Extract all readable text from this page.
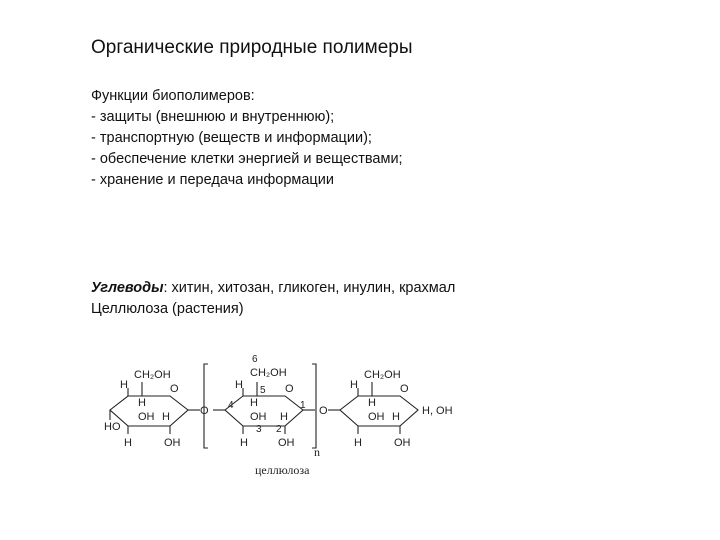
Органические природные полимеры
Функции биополимеров:
- защиты (внешнюю и внутреннюю);
- транспортную (веществ и информации);
- обеспечение клетки энергией и веществами;
- хранение и передача информации
Углеводы: хитин, хитозан, гликоген, инулин, крахмал
Целлюлоза (растения)
CH₂OH
O
H
H
OH H
HO
H	OH
O
6
CH₂OH
O
H 5
H
OH
4	1
H
3 2
H	OH
n
O
CH₂OH
O
H
H
OH H
H	OH
H, OH
целлюлоза
